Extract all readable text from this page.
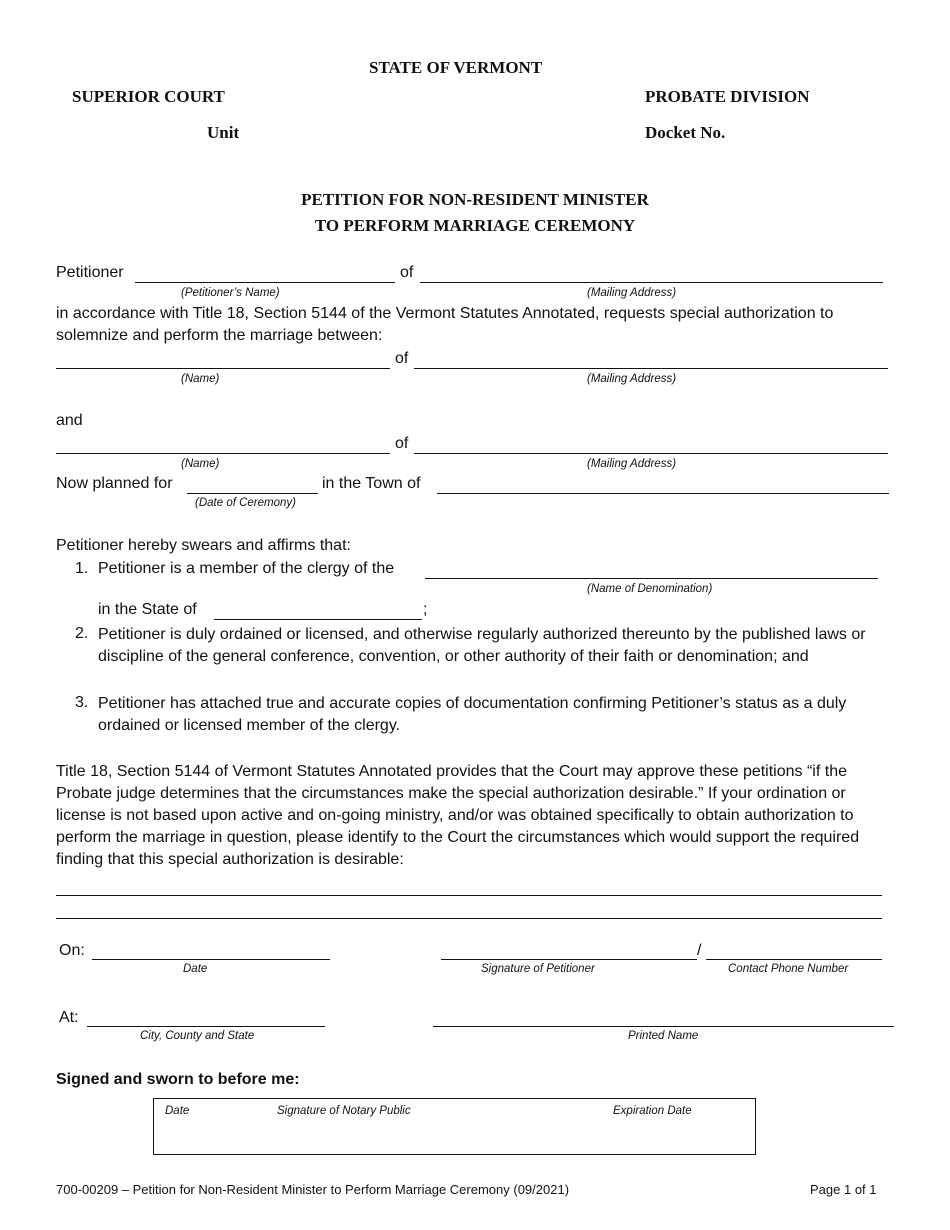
STATE OF VERMONT
SUPERIOR COURT	PROBATE DIVISION
Unit	Docket No.
PETITION FOR NON-RESIDENT MINISTER
TO PERFORM MARRIAGE CEREMONY
Petitioner	of
(Petitioner’s Name)	(Mailing Address)
in accordance with Title 18, Section 5144 of the Vermont Statutes Annotated, requests special authorization to solemnize and perform the marriage between:
of
(Name)	(Mailing Address)
and
of
(Name)	(Mailing Address)
Now planned for	in the Town of
(Date of Ceremony)
Petitioner hereby swears and affirms that:
1. Petitioner is a member of the clergy of the
(Name of Denomination)
in the State of	;
2. Petitioner is duly ordained or licensed, and otherwise regularly authorized thereunto by the published laws or discipline of the general conference, convention, or other authority of their faith or denomination; and
3. Petitioner has attached true and accurate copies of documentation confirming Petitioner’s status as a duly ordained or licensed member of the clergy.
Title 18, Section 5144 of Vermont Statutes Annotated provides that the Court may approve these petitions “if the Probate judge determines that the circumstances make the special authorization desirable.” If your ordination or license is not based upon active and on-going ministry, and/or was obtained specifically to obtain authorization to perform the marriage in question, please identify to the Court the circumstances which would support the required finding that this special authorization is desirable:
On:	/
Date	Signature of Petitioner	Contact Phone Number
At:
City, County and State	Printed Name
Signed and sworn to before me:
Date	Signature of Notary Public	Expiration Date
700-00209 – Petition for Non-Resident Minister to Perform Marriage Ceremony (09/2021)	Page 1 of 1
